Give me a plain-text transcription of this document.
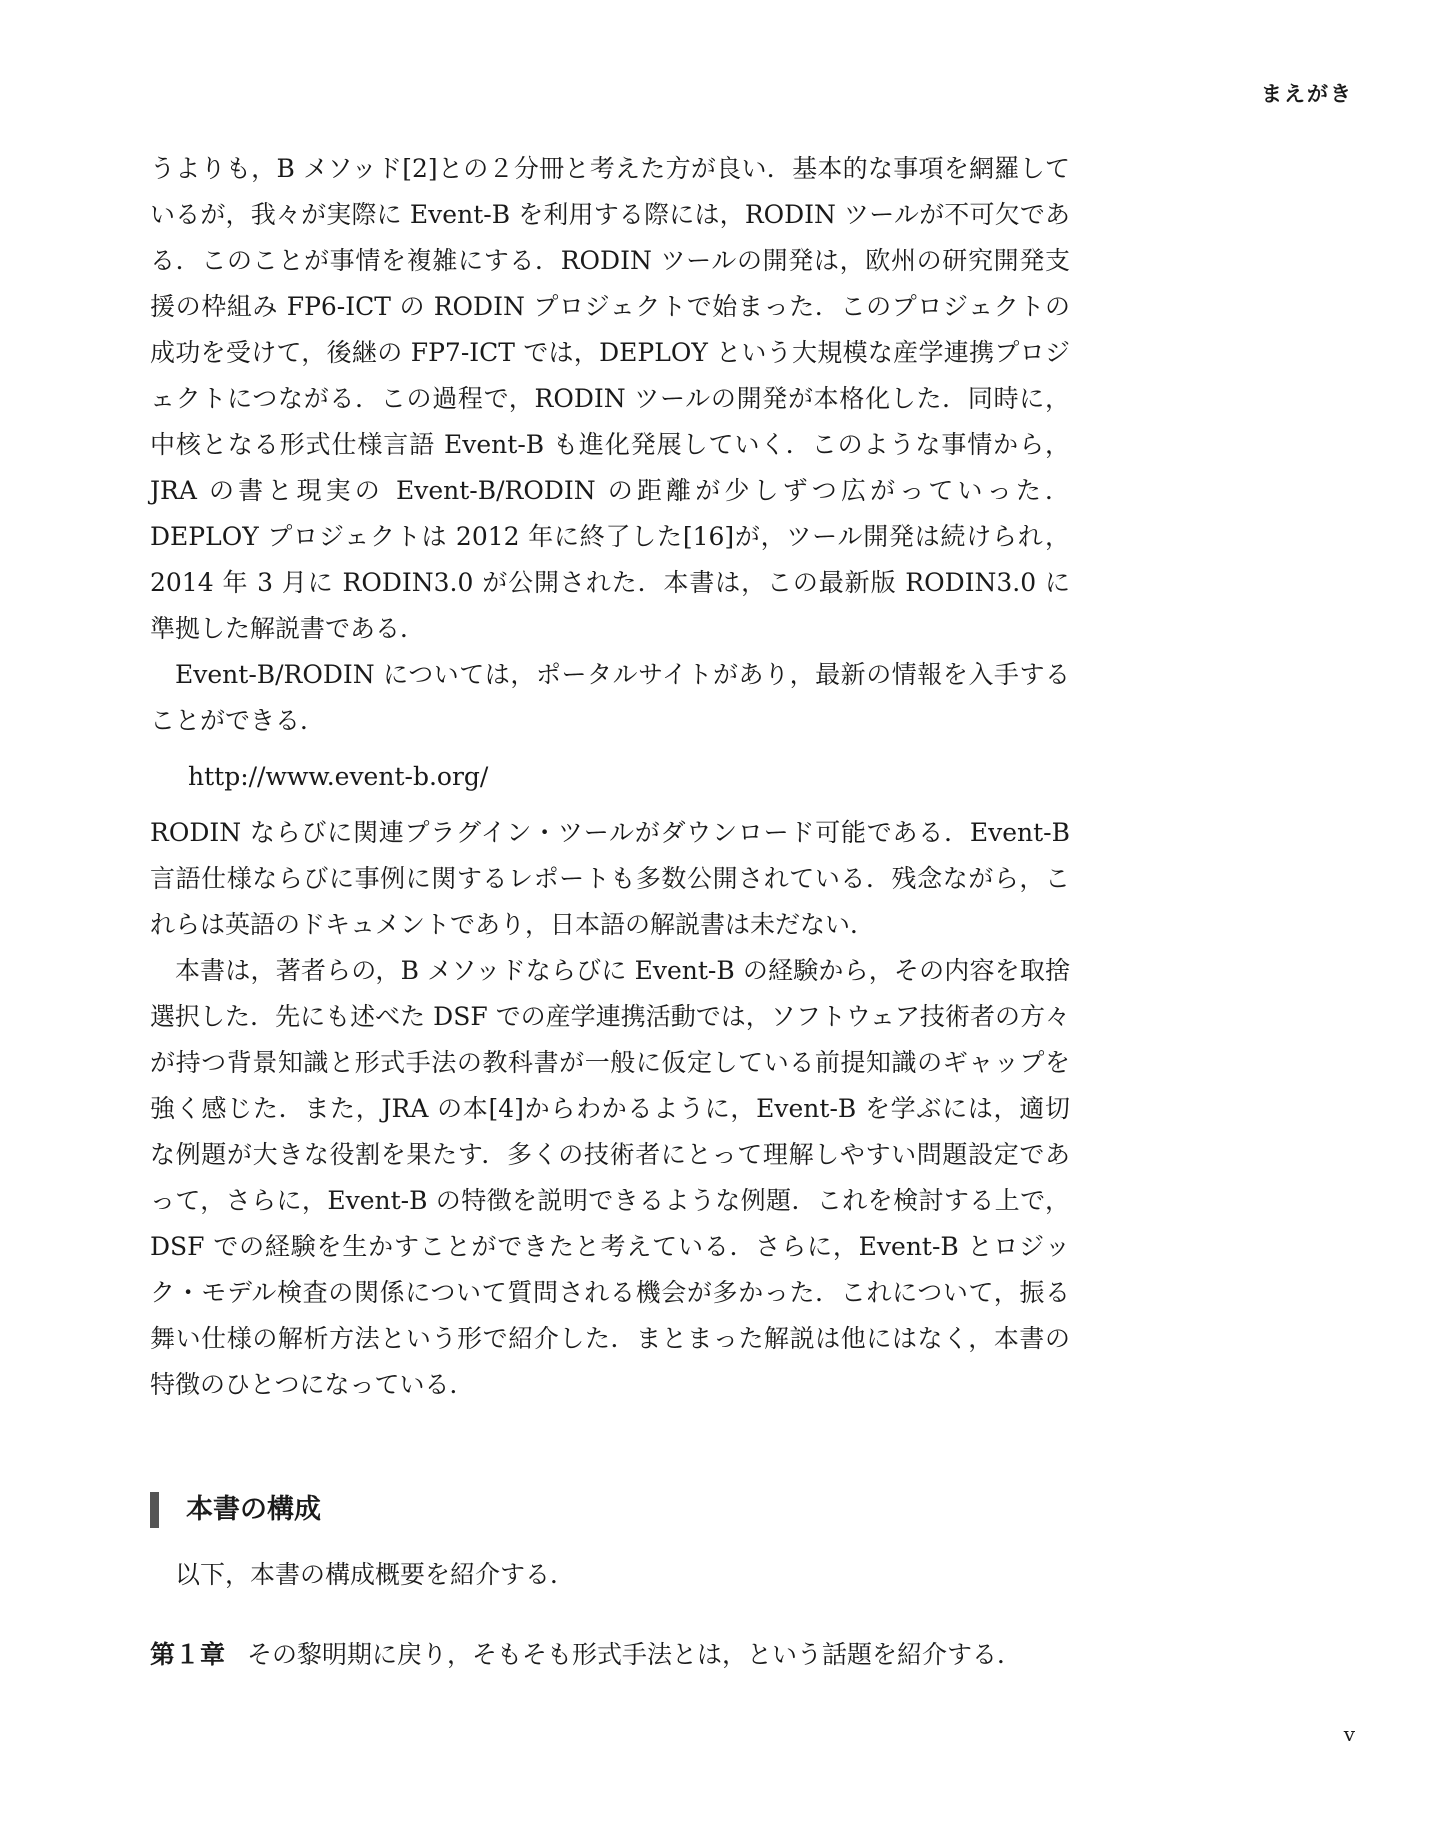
まえがき

うよりも，B メソッド[2]との２分冊と考えた方が良い．基本的な事項を網羅しているが，我々が実際に Event-B を利用する際には，RODIN ツールが不可欠である．このことが事情を複雑にする．RODIN ツールの開発は，欧州の研究開発支援の枠組み FP6-ICT の RODIN プロジェクトで始まった．このプロジェクトの成功を受けて，後継の FP7-ICT では，DEPLOY という大規模な産学連携プロジェクトにつながる．この過程で，RODIN ツールの開発が本格化した．同時に，中核となる形式仕様言語 Event-B も進化発展していく．このような事情から，JRA の書と現実の Event-B/RODIN の距離が少しずつ広がっていった．DEPLOY プロジェクトは 2012 年に終了した[16]が，ツール開発は続けられ，2014 年 3 月に RODIN3.0 が公開された．本書は，この最新版 RODIN3.0 に準拠した解説書である．

Event-B/RODIN については，ポータルサイトがあり，最新の情報を入手することができる．

http://www.event-b.org/

RODIN ならびに関連プラグイン・ツールがダウンロード可能である．Event-B 言語仕様ならびに事例に関するレポートも多数公開されている．残念ながら，これらは英語のドキュメントであり，日本語の解説書は未だない．

本書は，著者らの，B メソッドならびに Event-B の経験から，その内容を取捨選択した．先にも述べた DSF での産学連携活動では，ソフトウェア技術者の方々が持つ背景知識と形式手法の教科書が一般に仮定している前提知識のギャップを強く感じた．また，JRA の本[4]からわかるように，Event-B を学ぶには，適切な例題が大きな役割を果たす．多くの技術者にとって理解しやすい問題設定であって，さらに，Event-B の特徴を説明できるような例題．これを検討する上で，DSF での経験を生かすことができたと考えている．さらに，Event-B とロジック・モデル検査の関係について質問される機会が多かった．これについて，振る舞い仕様の解析方法という形で紹介した．まとまった解説は他にはなく，本書の特徴のひとつになっている．

本書の構成

以下，本書の構成概要を紹介する．

第１章 その黎明期に戻り，そもそも形式手法とは，という話題を紹介する．

v
